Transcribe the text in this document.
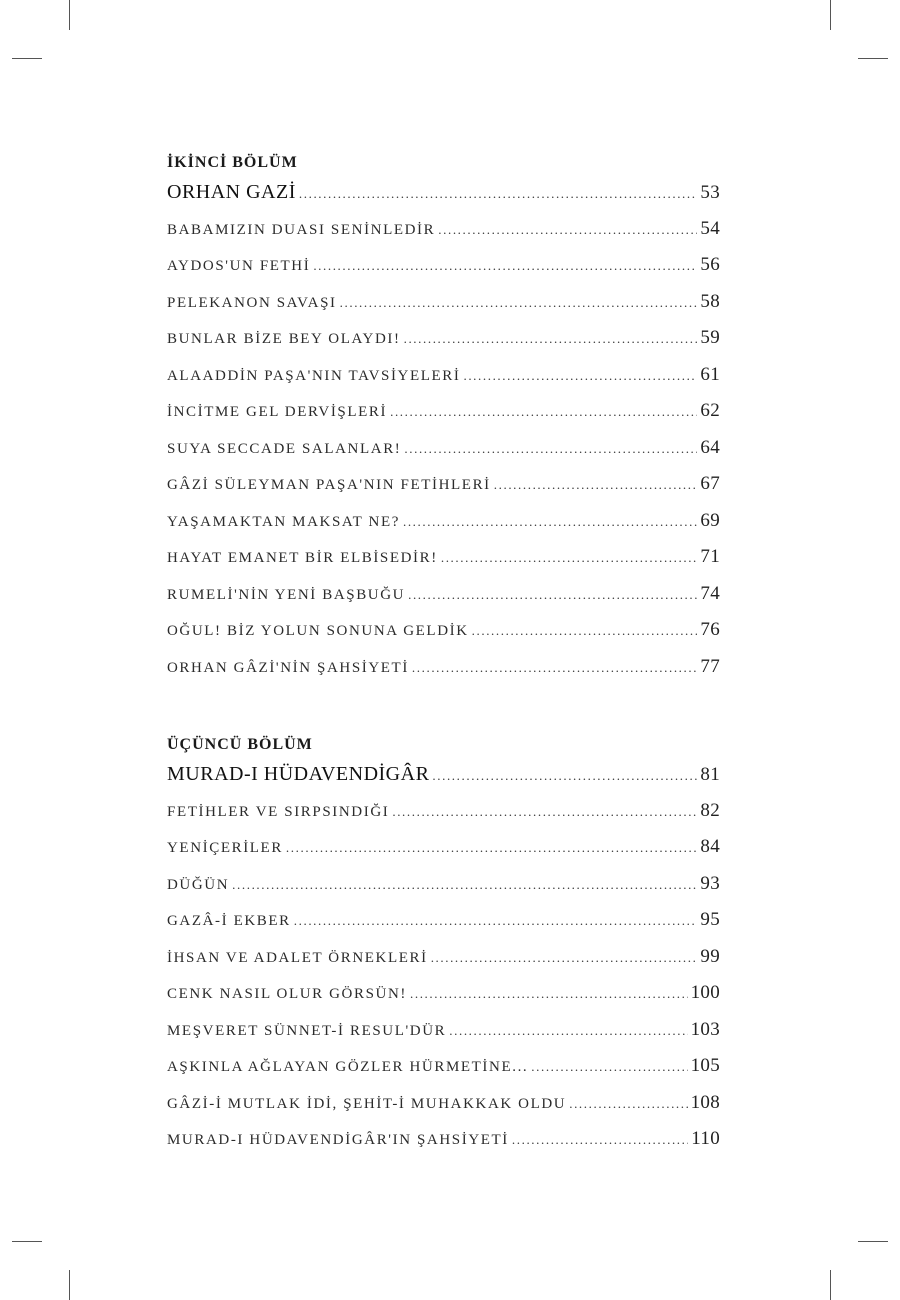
İKİNCİ BÖLÜM
ORHAN GAZİ .....	53
BABAMIZIN DUASI SENİNLEDİR .....	54
AYDOS'UN FETHİ .....	56
PELEKANON SAVAŞI .....	58
BUNLAR BİZE BEY OLAYDI! .....	59
ALAADDİN PAŞA'NIN TAVSİYELERİ .....	61
İNCİTME GEL DERVİŞLERİ .....	62
SUYA SECCADE SALANLAR! .....	64
GÂZİ SÜLEYMAN PAŞA'NIN FETİHLERİ .....	67
YAŞAMAKTAN MAKSAT NE? .....	69
HAYAT EMANET BİR ELBİSEDİR! .....	71
RUMELİ'NİN YENİ BAŞBUĞU .....	74
OĞUL! BİZ YOLUN SONUNA GELDİK .....	76
ORHAN GÂZİ'NİN ŞAHSİYETİ .....	77
ÜÇÜNCÜ BÖLÜM
MURAD-I HÜDAVENDİGÂR .....	81
FETİHLER VE SIRPSINDIĞI .....	82
YENİÇERİLER .....	84
DÜĞÜN .....	93
GAZÂ-İ EKBER .....	95
İHSAN VE ADALET ÖRNEKLERİ .....	99
CENK NASIL OLUR GÖRSÜN! .....	100
MEŞVERET SÜNNET-İ RESUL'DÜR .....	103
AŞKINLA AĞLAYAN GÖZLER HÜRMETİNE... .....	105
GÂZİ-İ MUTLAK İDİ, ŞEHİT-İ MUHAKKAK OLDU .....	108
MURAD-I HÜDAVENDİGÂR'IN ŞAHSİYETİ .....	110
